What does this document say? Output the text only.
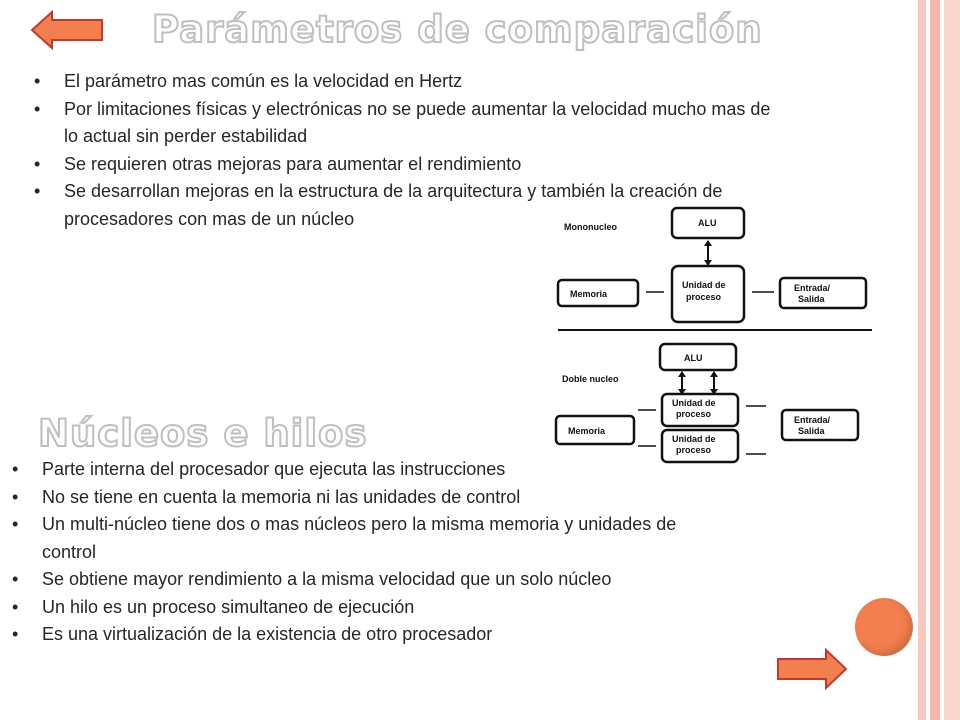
Parámetros de comparación
• El parámetro mas común es la velocidad en Hertz
• Por limitaciones físicas y electrónicas no se puede aumentar la velocidad mucho mas de lo actual sin perder estabilidad
• Se requieren otras mejoras para aumentar el rendimiento
• Se desarrollan mejoras en la estructura de la arquitectura y también la creación de procesadores con mas de un núcleo	Mononucleo	ALU
Unidad de
proceso
Memoria
Entrada/
Salida
ALU
Doble nucleo
Unidad de
proceso
Unidad de
proceso
Memoria
Entrada/
Salida
Núcleos e hilos
• Parte interna del procesador que ejecuta las instrucciones
• No se tiene en cuenta la memoria ni las unidades de control
• Un multi-núcleo tiene dos o mas núcleos pero la misma memoria y unidades de control
• Se obtiene mayor rendimiento a la misma velocidad que un solo núcleo
• Un hilo es un proceso simultaneo de ejecución
• Es una virtualización de la existencia de otro procesador
